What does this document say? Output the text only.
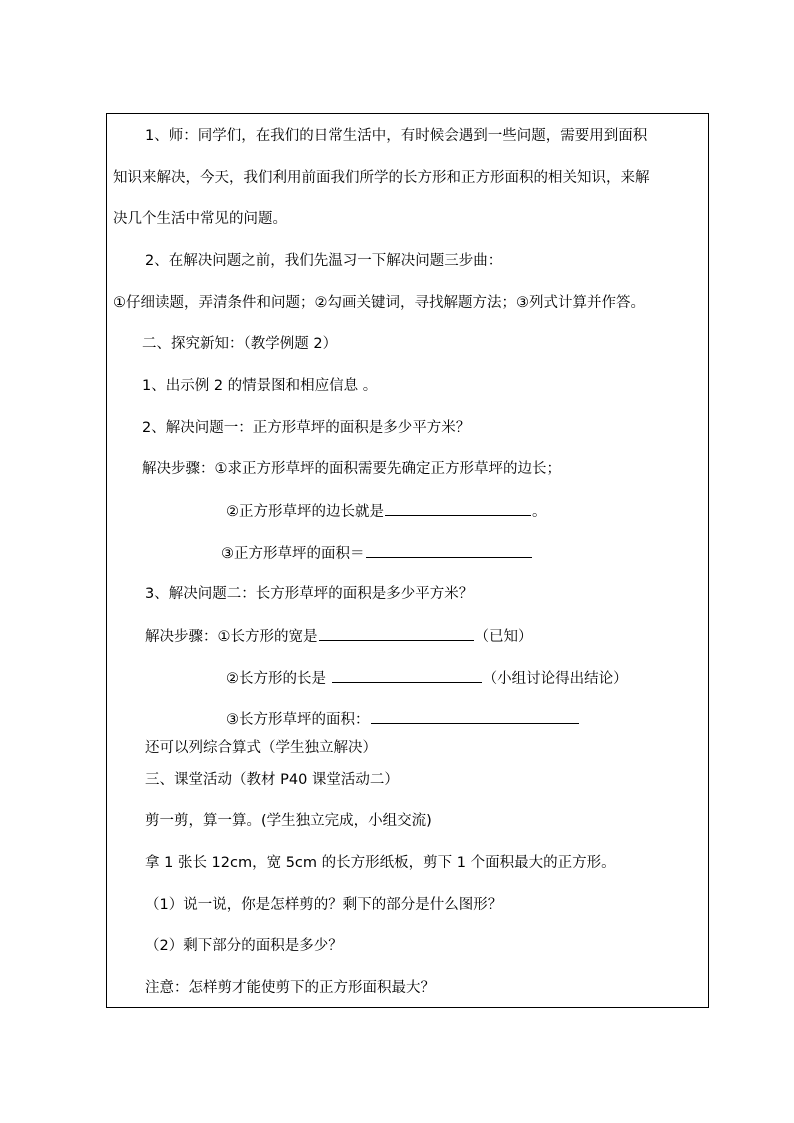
1、师：同学们，在我们的日常生活中，有时候会遇到一些问题，需要用到面积
知识来解决，今天，我们利用前面我们所学的长方形和正方形面积的相关知识，来解
决几个生活中常见的问题。
2、在解决问题之前，我们先温习一下解决问题三步曲：
①仔细读题，弄清条件和问题；②勾画关键词，寻找解题方法；③列式计算并作答。
二、探究新知：（教学例题 2）
1、出示例 2 的情景图和相应信息 。
2、解决问题一：正方形草坪的面积是多少平方米？
解决步骤：①求正方形草坪的面积需要先确定正方形草坪的边长；
②正方形草坪的边长就是	。
③正方形草坪的面积＝
3、解决问题二：长方形草坪的面积是多少平方米？
解决步骤：①长方形的宽是	（已知）
②长方形的长是	（小组讨论得出结论）
③长方形草坪的面积：
还可以列综合算式（学生独立解决）
三、课堂活动（教材 P40 课堂活动二）
剪一剪，算一算。(学生独立完成，小组交流)
拿 1 张长 12cm，宽 5cm 的长方形纸板，剪下 1 个面积最大的正方形。
（1）说一说，你是怎样剪的？剩下的部分是什么图形？
（2）剩下部分的面积是多少？
注意：怎样剪才能使剪下的正方形面积最大？
